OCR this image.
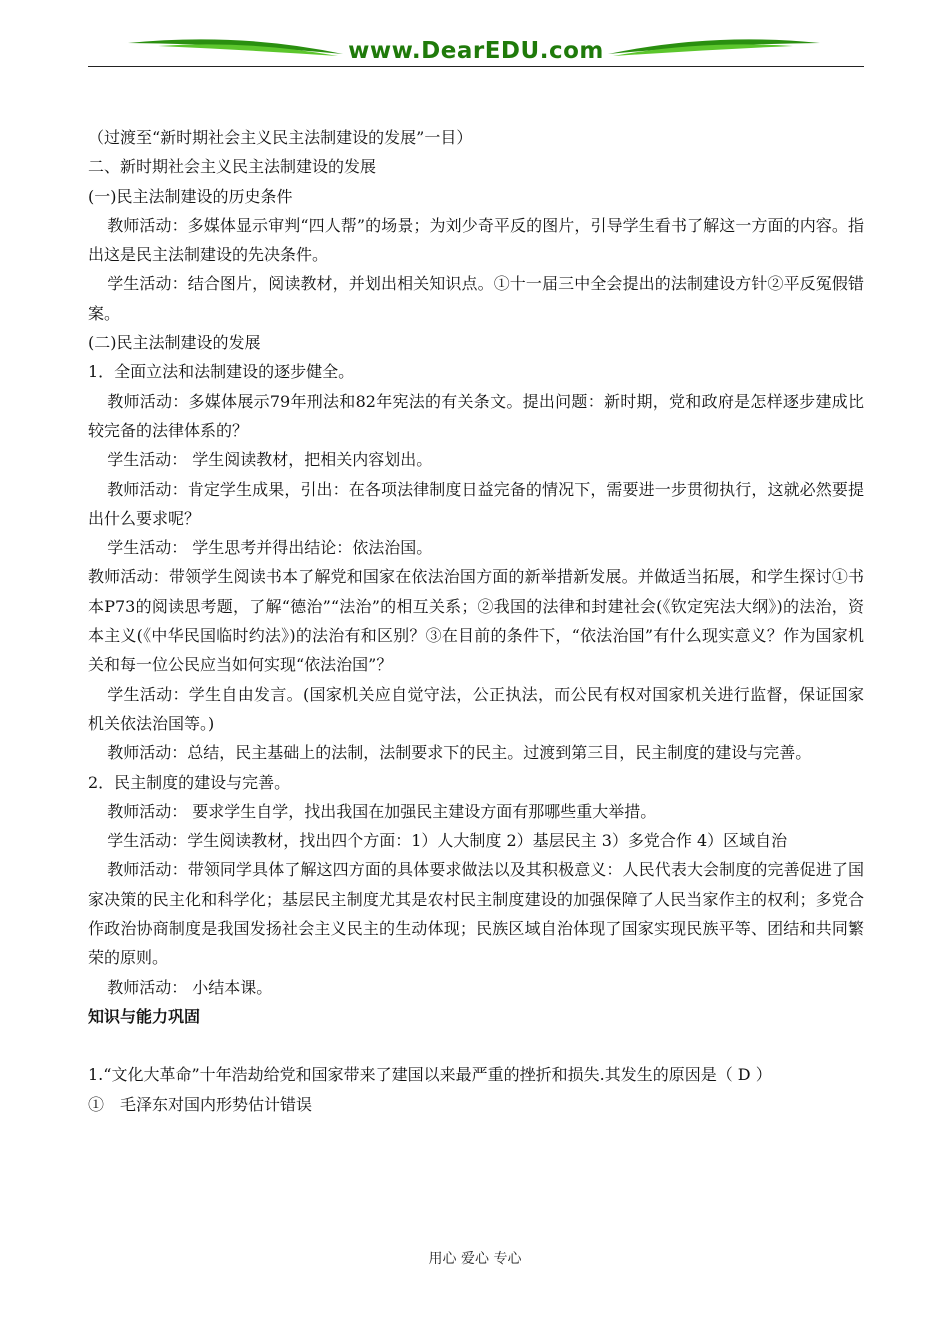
www.DearEDU.com

（过渡至“新时期社会主义民主法制建设的发展”一目）

二、新时期社会主义民主法制建设的发展

(一)民主法制建设的历史条件

教师活动：多媒体显示审判“四人帮”的场景；为刘少奇平反的图片，引导学生看书了解这一方面的内容。指出这是民主法制建设的先决条件。

学生活动：结合图片，阅读教材，并划出相关知识点。①十一届三中全会提出的法制建设方针②平反冤假错案。

(二)民主法制建设的发展

1．全面立法和法制建设的逐步健全。

教师活动：多媒体展示79年刑法和82年宪法的有关条文。提出问题：新时期，党和政府是怎样逐步建成比较完备的法律体系的？

学生活动： 学生阅读教材，把相关内容划出。

教师活动：肯定学生成果，引出：在各项法律制度日益完备的情况下，需要进一步贯彻执行，这就必然要提出什么要求呢？

学生活动： 学生思考并得出结论：依法治国。

教师活动：带领学生阅读书本了解党和国家在依法治国方面的新举措新发展。并做适当拓展，和学生探讨①书本P73的阅读思考题，了解“德治”“法治”的相互关系；②我国的法律和封建社会(《钦定宪法大纲》)的法治，资本主义(《中华民国临时约法》)的法治有和区别？③在目前的条件下，“依法治国”有什么现实意义？作为国家机关和每一位公民应当如何实现“依法治国”？

学生活动：学生自由发言。(国家机关应自觉守法，公正执法，而公民有权对国家机关进行监督，保证国家机关依法治国等。)

教师活动：总结，民主基础上的法制，法制要求下的民主。过渡到第三目，民主制度的建设与完善。

2．民主制度的建设与完善。

教师活动： 要求学生自学，找出我国在加强民主建设方面有那哪些重大举措。

学生活动：学生阅读教材，找出四个方面：1）人大制度 2）基层民主 3）多党合作 4）区域自治

教师活动：带领同学具体了解这四方面的具体要求做法以及其积极意义：人民代表大会制度的完善促进了国家决策的民主化和科学化；基层民主制度尤其是农村民主制度建设的加强保障了人民当家作主的权利；多党合作政治协商制度是我国发扬社会主义民主的生动体现；民族区域自治体现了国家实现民族平等、团结和共同繁荣的原则。

教师活动： 小结本课。

知识与能力巩固

1.“文化大革命”十年浩劫给党和国家带来了建国以来最严重的挫折和损失.其发生的原因是（ D ）

①　毛泽东对国内形势估计错误

用心 爱心 专心
